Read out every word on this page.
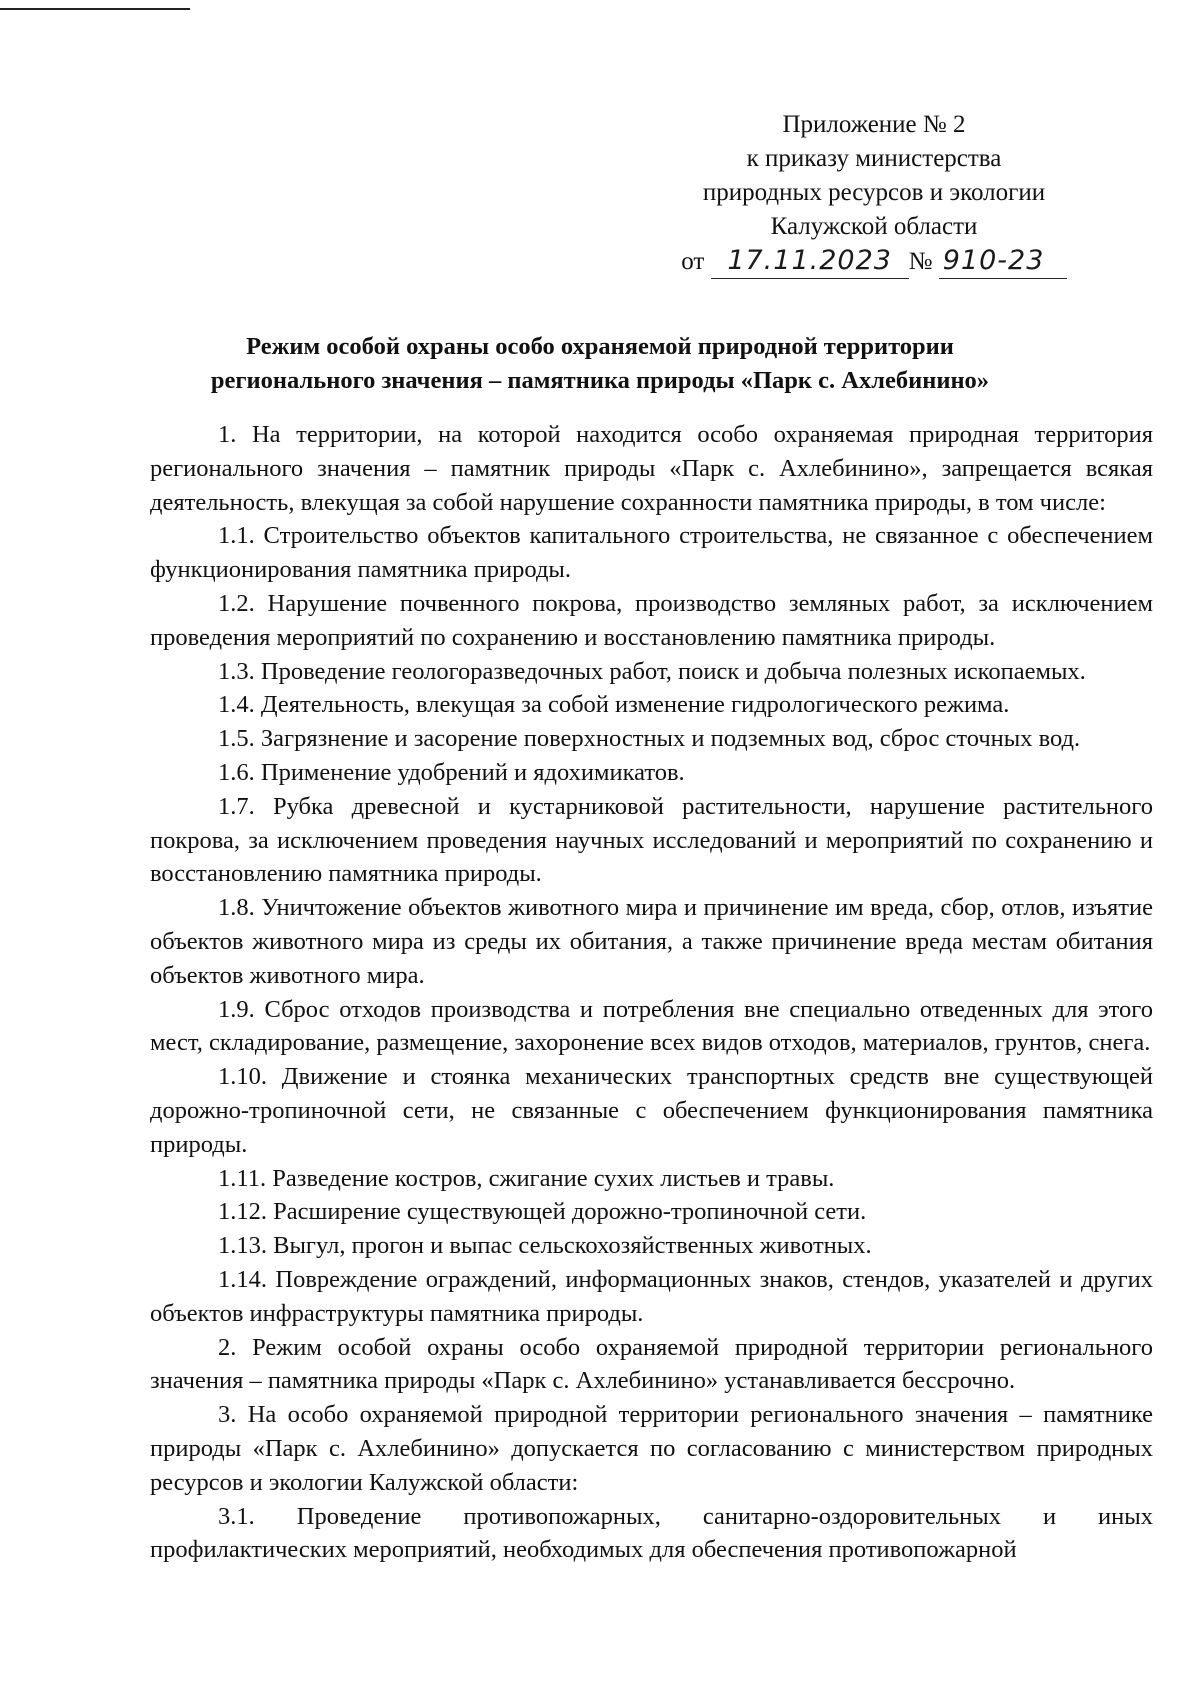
Приложение № 2
к приказу министерства
природных ресурсов и экологии
Калужской области
от 17.11.2023 № 910-23
Режим особой охраны особо охраняемой природной территории
регионального значения – памятника природы «Парк с. Ахлебинино»

1. На территории, на которой находится особо охраняемая природная территория регионального значения – памятник природы «Парк с. Ахлебинино», запрещается всякая деятельность, влекущая за собой нарушение сохранности памятника природы, в том числе:

1.1. Строительство объектов капитального строительства, не связанное с обеспечением функционирования памятника природы.

1.2. Нарушение почвенного покрова, производство земляных работ, за исключением проведения мероприятий по сохранению и восстановлению памятника природы.

1.3. Проведение геологоразведочных работ, поиск и добыча полезных ископаемых.

1.4. Деятельность, влекущая за собой изменение гидрологического режима.

1.5. Загрязнение и засорение поверхностных и подземных вод, сброс сточных вод.

1.6. Применение удобрений и ядохимикатов.

1.7. Рубка древесной и кустарниковой растительности, нарушение растительного покрова, за исключением проведения научных исследований и мероприятий по сохранению и восстановлению памятника природы.

1.8. Уничтожение объектов животного мира и причинение им вреда, сбор, отлов, изъятие объектов животного мира из среды их обитания, а также причинение вреда местам обитания объектов животного мира.

1.9. Сброс отходов производства и потребления вне специально отведенных для этого мест, складирование, размещение, захоронение всех видов отходов, материалов, грунтов, снега.

1.10. Движение и стоянка механических транспортных средств вне существующей дорожно-тропиночной сети, не связанные с обеспечением функционирования памятника природы.

1.11. Разведение костров, сжигание сухих листьев и травы.

1.12. Расширение существующей дорожно-тропиночной сети.

1.13. Выгул, прогон и выпас сельскохозяйственных животных.

1.14. Повреждение ограждений, информационных знаков, стендов, указателей и других объектов инфраструктуры памятника природы.

2. Режим особой охраны особо охраняемой природной территории регионального значения – памятника природы «Парк с. Ахлебинино» устанавливается бессрочно.

3. На особо охраняемой природной территории регионального значения – памятнике природы «Парк с. Ахлебинино» допускается по согласованию с министерством природных ресурсов и экологии Калужской области:

3.1. Проведение противопожарных, санитарно-оздоровительных и иных профилактических мероприятий, необходимых для обеспечения противопожарной
